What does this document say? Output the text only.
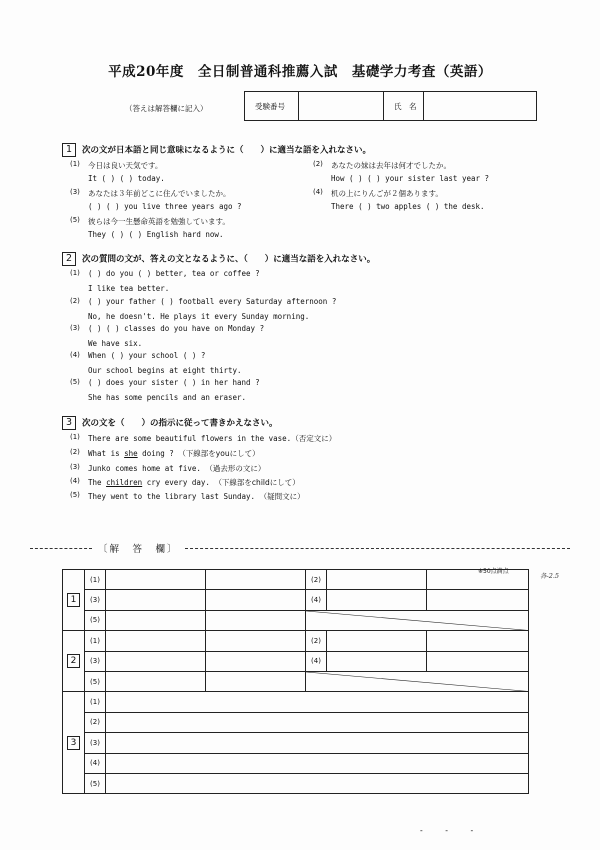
平成20年度　全日制普通科推薦入試　基礎学力考査（英語）
（答えは解答欄に記入）	受験番号	氏　名
1 次の文が日本語と同じ意味になるように（　　）に適当な語を入れなさい。
(1) 今日は良い天気です。
It ( ) ( ) today.
(2) あなたの妹は去年は何才でしたか。
How ( ) ( ) your sister last year ?
(3) あなたは３年前どこに住んでいましたか。
( ) ( ) you live three years ago ?
(4) 机の上にりんごが２個あります。
There ( ) two apples ( ) the desk.
(5) 彼らは今一生懸命英語を勉強しています。
They ( ) ( ) English hard now.
2 次の質問の文が、答えの文となるように、（　　）に適当な語を入れなさい。
(1) ( ) do you ( ) better, tea or coffee ?
I like tea better.
(2) ( ) your father ( ) football every Saturday afternoon ?
No, he doesn't. He plays it every Sunday morning.
(3) ( ) ( ) classes do you have on Monday ?
We have six.
(4) When ( ) your school ( ) ?
Our school begins at eight thirty.
(5) ( ) does your sister ( ) in her hand ?
She has some pencils and an eraser.
3 次の文を（　　）の指示に従って書きかえなさい。
(1) There are some beautiful flowers in the vase.（否定文に）
(2) What is she doing ? （下線部をyouにして）
(3) Junko comes home at five. （過去形の文に）
(4) The children cry every day. （下線部をchildにして）
(5) They went to the library last Sunday. （疑問文に）
〔解　答　欄〕
※50点満点
各-2.5
1	(1)			(2)		
	(3)			(4)		
	(5)			

2	(1)			(2)		
	(3)			(4)		
	(5)			

3	(1)					
	(2)					
	(3)					
	(4)					
	(5)					
- - -
